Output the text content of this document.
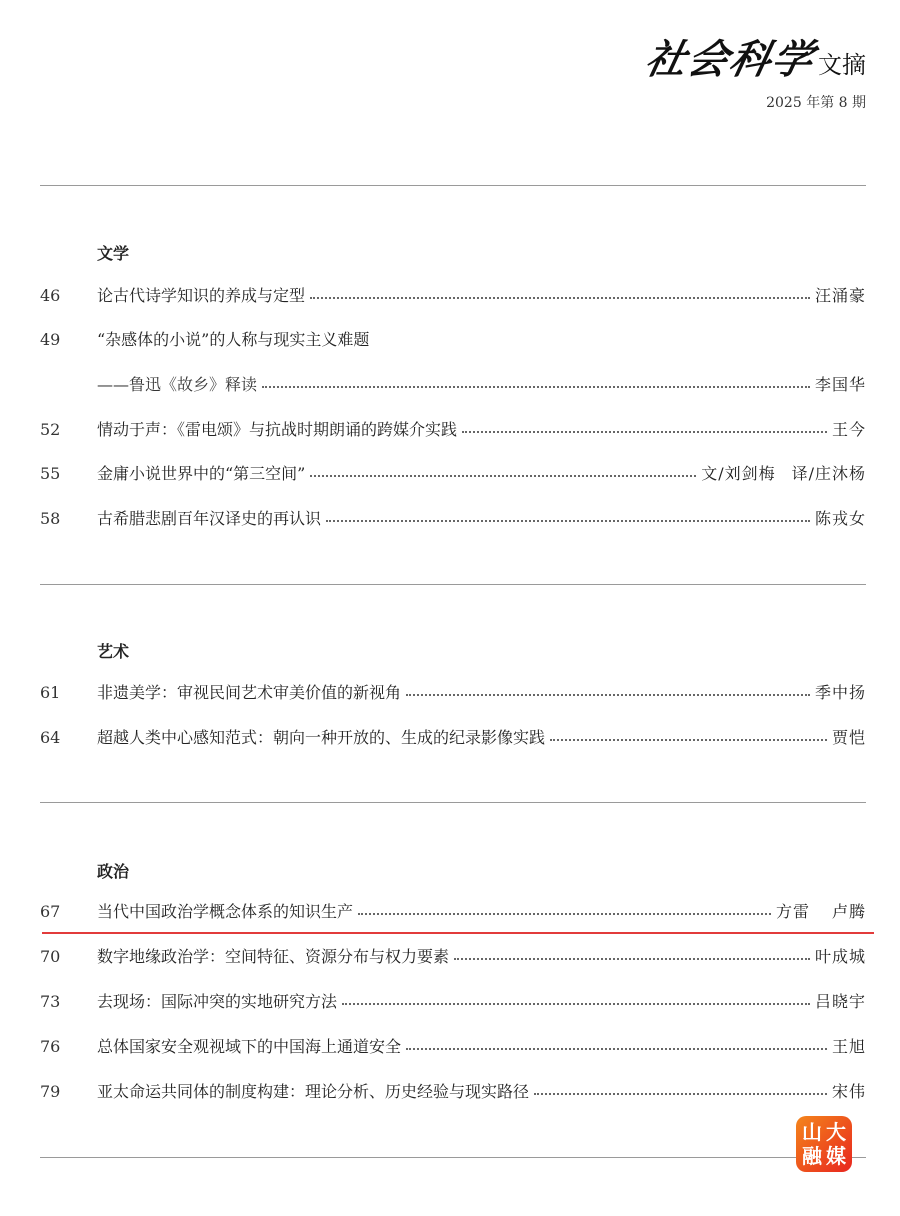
社会科学文摘
2025 年第 8 期
文学
46	论古代诗学知识的养成与定型	汪涌豪
49	“杂感体的小说”的人称与现实主义难题
——鲁迅《故乡》释读	李国华
52	情动于声：《雷电颂》与抗战时期朗诵的跨媒介实践	王今
55	金庸小说世界中的“第三空间”	文/刘剑梅 译/庄沐杨
58	古希腊悲剧百年汉译史的再认识	陈戎女
艺术
61	非遗美学：审视民间艺术审美价值的新视角	季中扬
64	超越人类中心感知范式：朝向一种开放的、生成的纪录影像实践	贾恺
政治
67	当代中国政治学概念体系的知识生产	方雷 卢腾
70	数字地缘政治学：空间特征、资源分布与权力要素	叶成城
73	去现场：国际冲突的实地研究方法	吕晓宇
76	总体国家安全观视域下的中国海上通道安全	王旭
79	亚太命运共同体的制度构建：理论分析、历史经验与现实路径	宋伟
山 大
融 媒
